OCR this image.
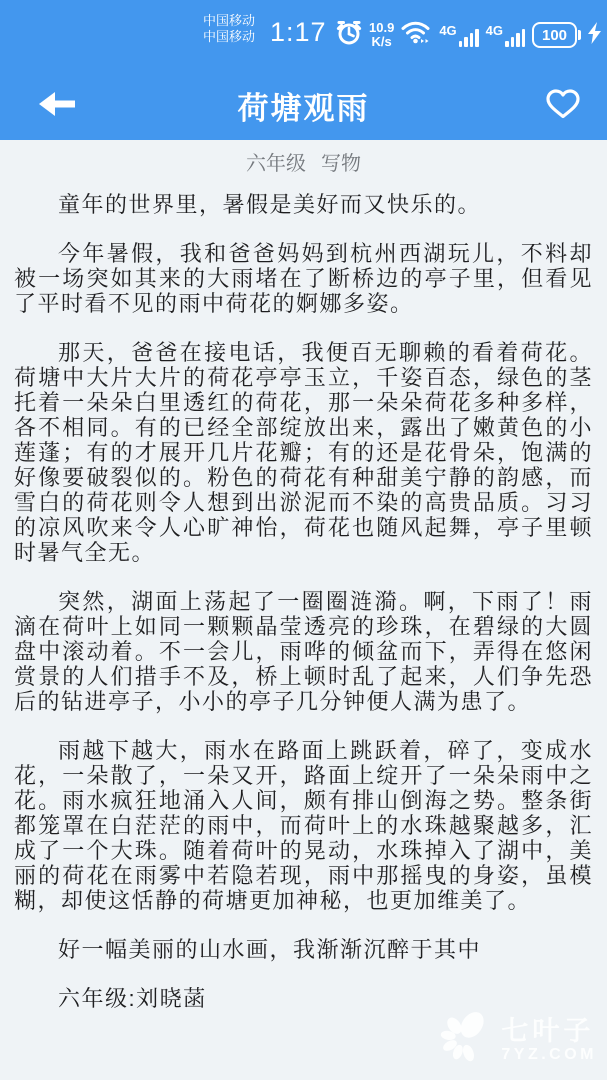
中国移动
中国移动 1:17	10.9
K/s
4G 4G	100
荷塘观雨
六年级 写物

童年的世界里，暑假是美好而又快乐的。

今年暑假，我和爸爸妈妈到杭州西湖玩儿，不料却被一场突如其来的大雨堵在了断桥边的亭子里，但看见了平时看不见的雨中荷花的婀娜多姿。

那天，爸爸在接电话，我便百无聊赖的看着荷花。荷塘中大片大片的荷花亭亭玉立，千姿百态，绿色的茎托着一朵朵白里透红的荷花，那一朵朵荷花多种多样，各不相同。有的已经全部绽放出来，露出了嫩黄色的小莲蓬；有的才展开几片花瓣；有的还是花骨朵，饱满的好像要破裂似的。粉色的荷花有种甜美宁静的韵感，而雪白的荷花则令人想到出淤泥而不染的高贵品质。习习的凉风吹来令人心旷神怡，荷花也随风起舞，亭子里顿时暑气全无。

突然，湖面上荡起了一圈圈涟漪。啊，下雨了！雨滴在荷叶上如同一颗颗晶莹透亮的珍珠，在碧绿的大圆盘中滚动着。不一会儿，雨哗的倾盆而下，弄得在悠闲赏景的人们措手不及，桥上顿时乱了起来，人们争先恐后的钻进亭子，小小的亭子几分钟便人满为患了。

雨越下越大，雨水在路面上跳跃着，碎了，变成水花，一朵散了，一朵又开，路面上绽开了一朵朵雨中之花。雨水疯狂地涌入人间，颇有排山倒海之势。整条街都笼罩在白茫茫的雨中，而荷叶上的水珠越聚越多，汇成了一个大珠。随着荷叶的晃动，水珠掉入了湖中，美丽的荷花在雨雾中若隐若现，雨中那摇曳的身姿，虽模糊，却使这恬静的荷塘更加神秘，也更加维美了。

好一幅美丽的山水画，我渐渐沉醉于其中

六年级:刘晓菡

七叶子
7YZ.COM
